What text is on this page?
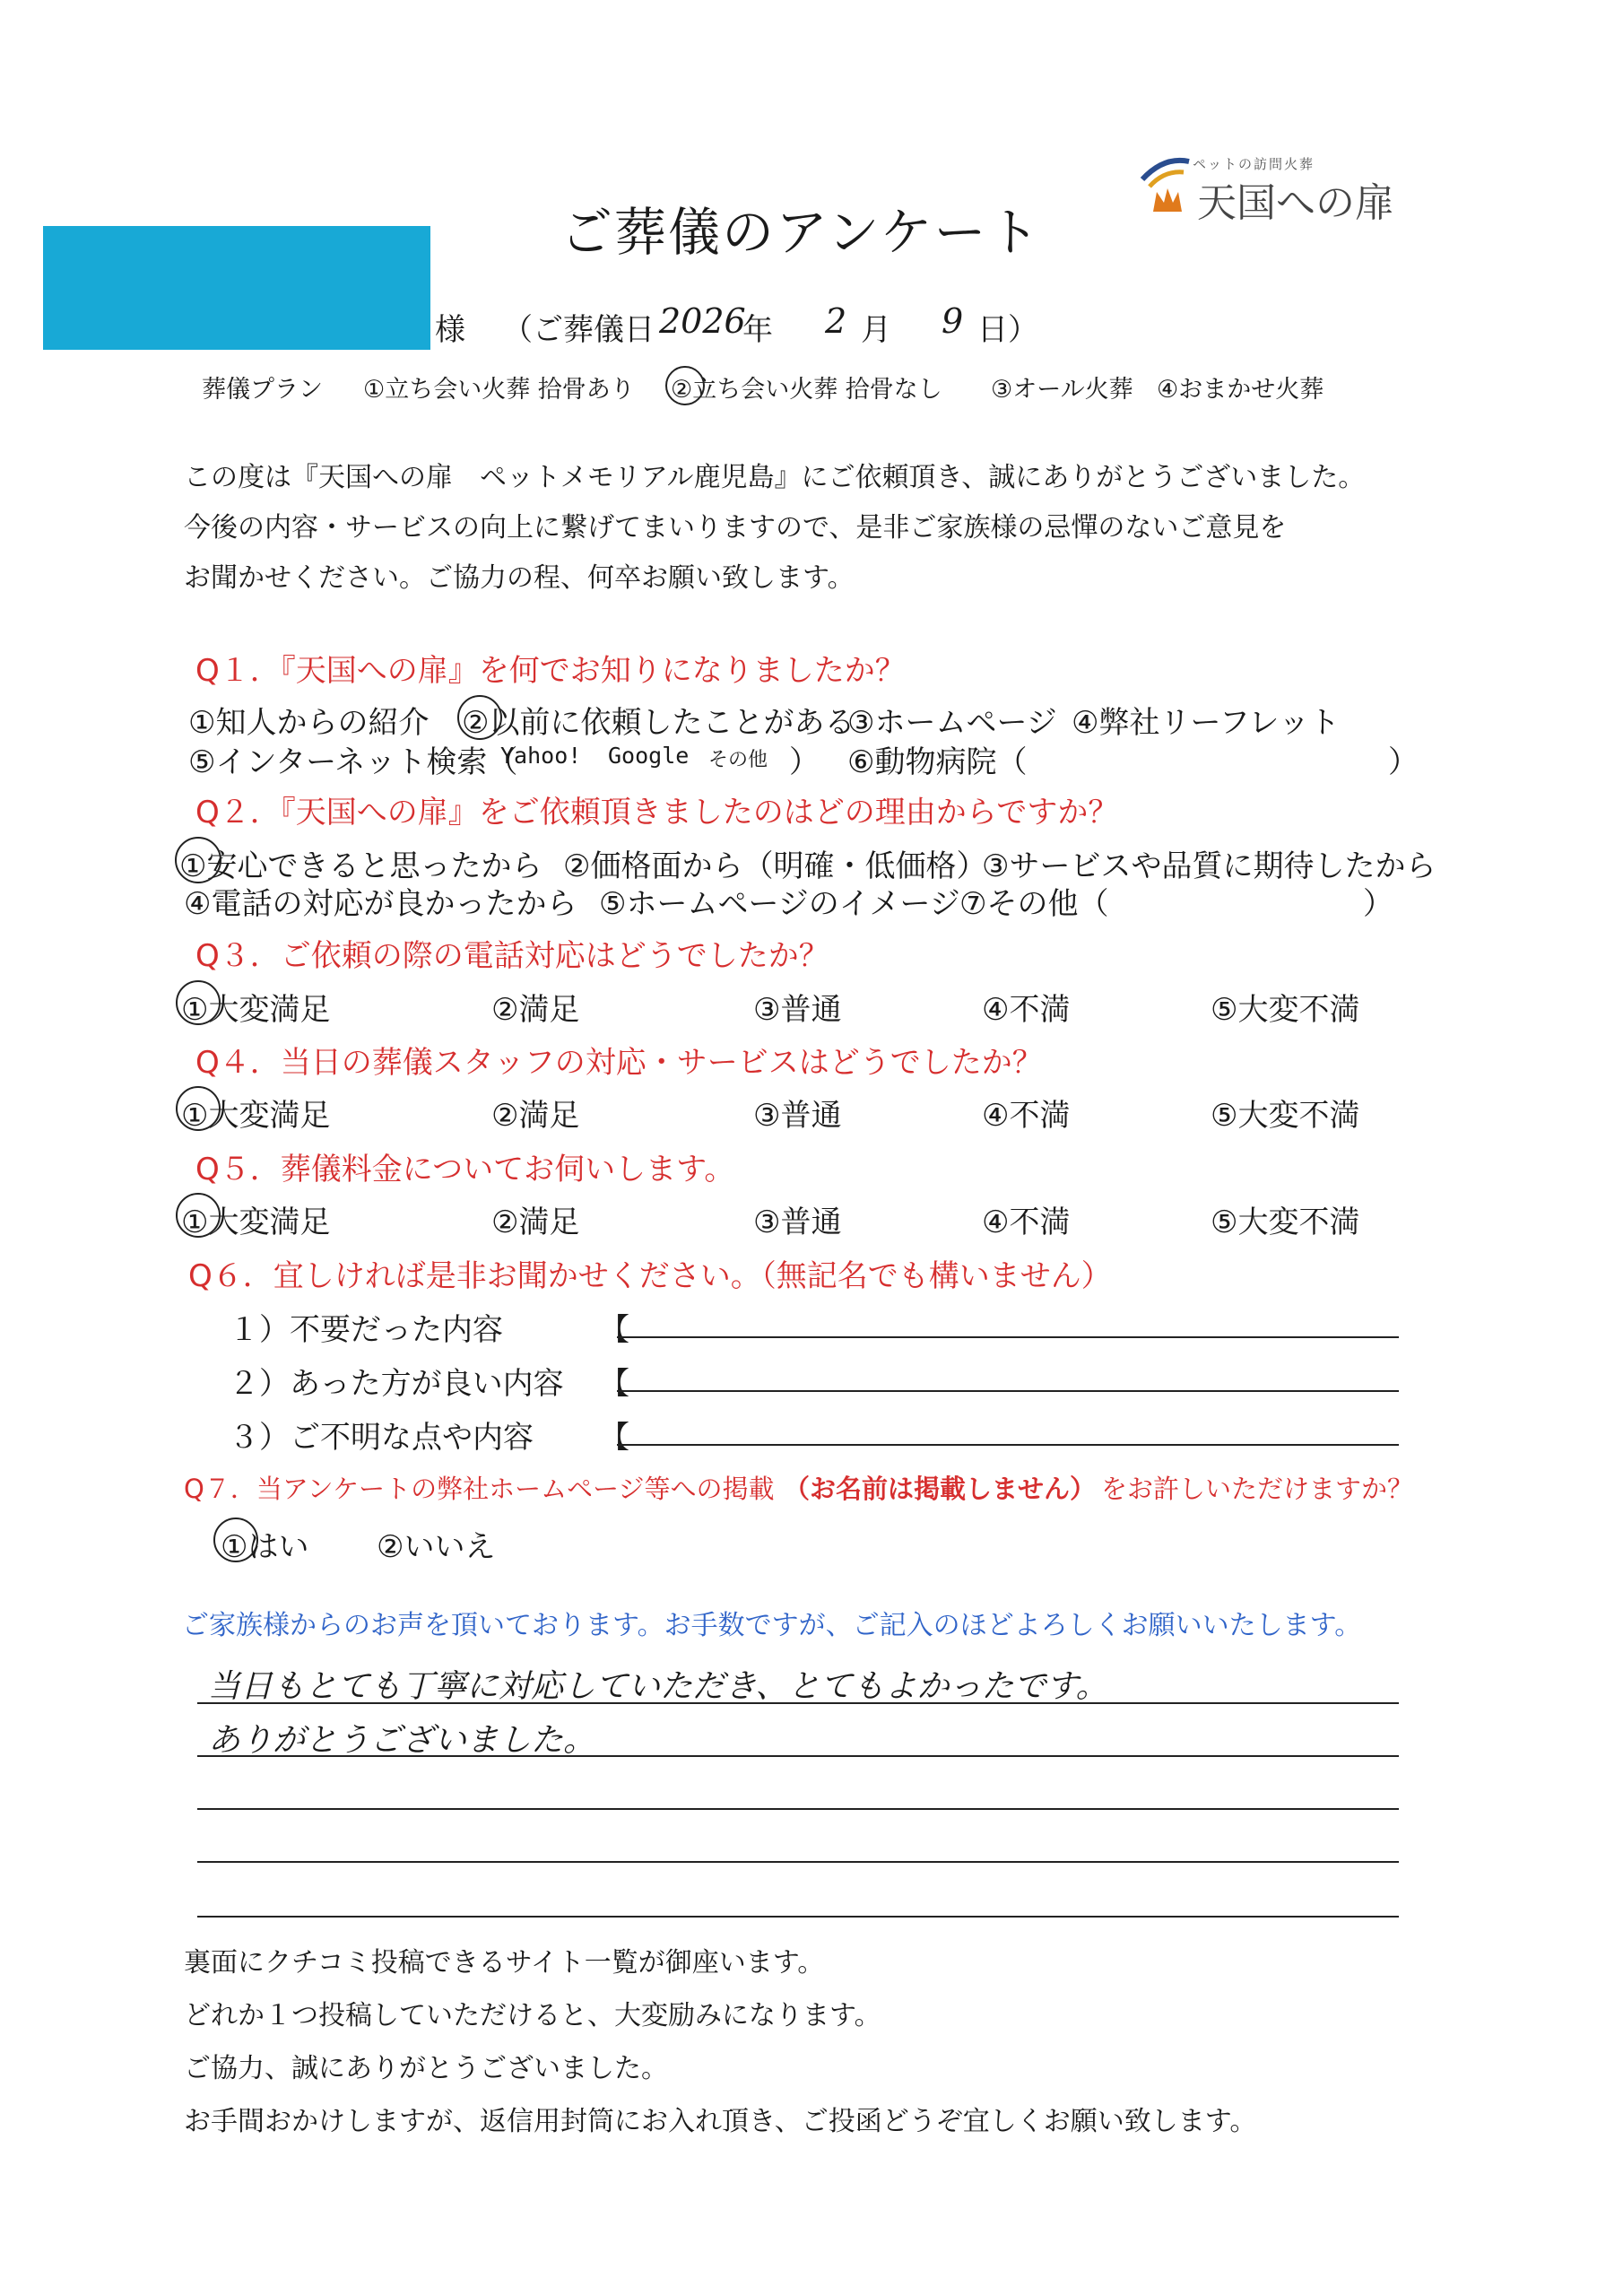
ペットの訪問火葬
天国への扉
ご葬儀のアンケート
様 （ご葬儀日 2026
年 2 月 9 日）
葬儀プラン ①立ち会い火葬 拾骨あり ②立ち会い火葬 拾骨なし ③オール火葬 ④おまかせ火葬
この度は『天国への扉　ペットメモリアル鹿児島』にご依頼頂き、誠にありがとうございました。
今後の内容・サービスの向上に繋げてまいりますので、是非ご家族様の忌憚のないご意見を
お聞かせください。ご協力の程、何卒お願い致します。
Q１．『天国への扉』を何でお知りになりましたか？
①知人からの紹介 ②以前に依頼したことがある
③ホームページ ④弊社リーフレット
⑤インターネット検索（
Yahoo! Google その他 ） ⑥動物病院（	）
Q２．『天国への扉』をご依頼頂きましたのはどの理由からですか？
①安心できると思ったから ②価格面から（明確・低価格）
③サービスや品質に期待したから
④電話の対応が良かったから ⑤ホームページのイメージ ⑦その他（	）
Q３．ご依頼の際の電話対応はどうでしたか？
①大変満足	②満足	③普通	④不満	⑤大変不満
Q４．当日の葬儀スタッフの対応・サービスはどうでしたか？
①大変満足	②満足	③普通	④不満	⑤大変不満
Q５．葬儀料金についてお伺いします。
①大変満足	②満足	③普通	④不満	⑤大変不満
Q６．宜しければ是非お聞かせください。（無記名でも構いません）
１）不要だった内容	【
２）あった方が良い内容 【
３）ご不明な点や内容 【
Q７．当アンケートの弊社ホームページ等への掲載 （お名前は掲載しません） をお許しいただけますか？
①はい ②いいえ
ご家族様からのお声を頂いております。お手数ですが、ご記入のほどよろしくお願いいたします。
当日もとても丁寧に対応していただき、とてもよかったです。
ありがとうございました。
裏面にクチコミ投稿できるサイト一覧が御座います。
どれか１つ投稿していただけると、大変励みになります。
ご協力、誠にありがとうございました。
お手間おかけしますが、返信用封筒にお入れ頂き、ご投函どうぞ宜しくお願い致します。
